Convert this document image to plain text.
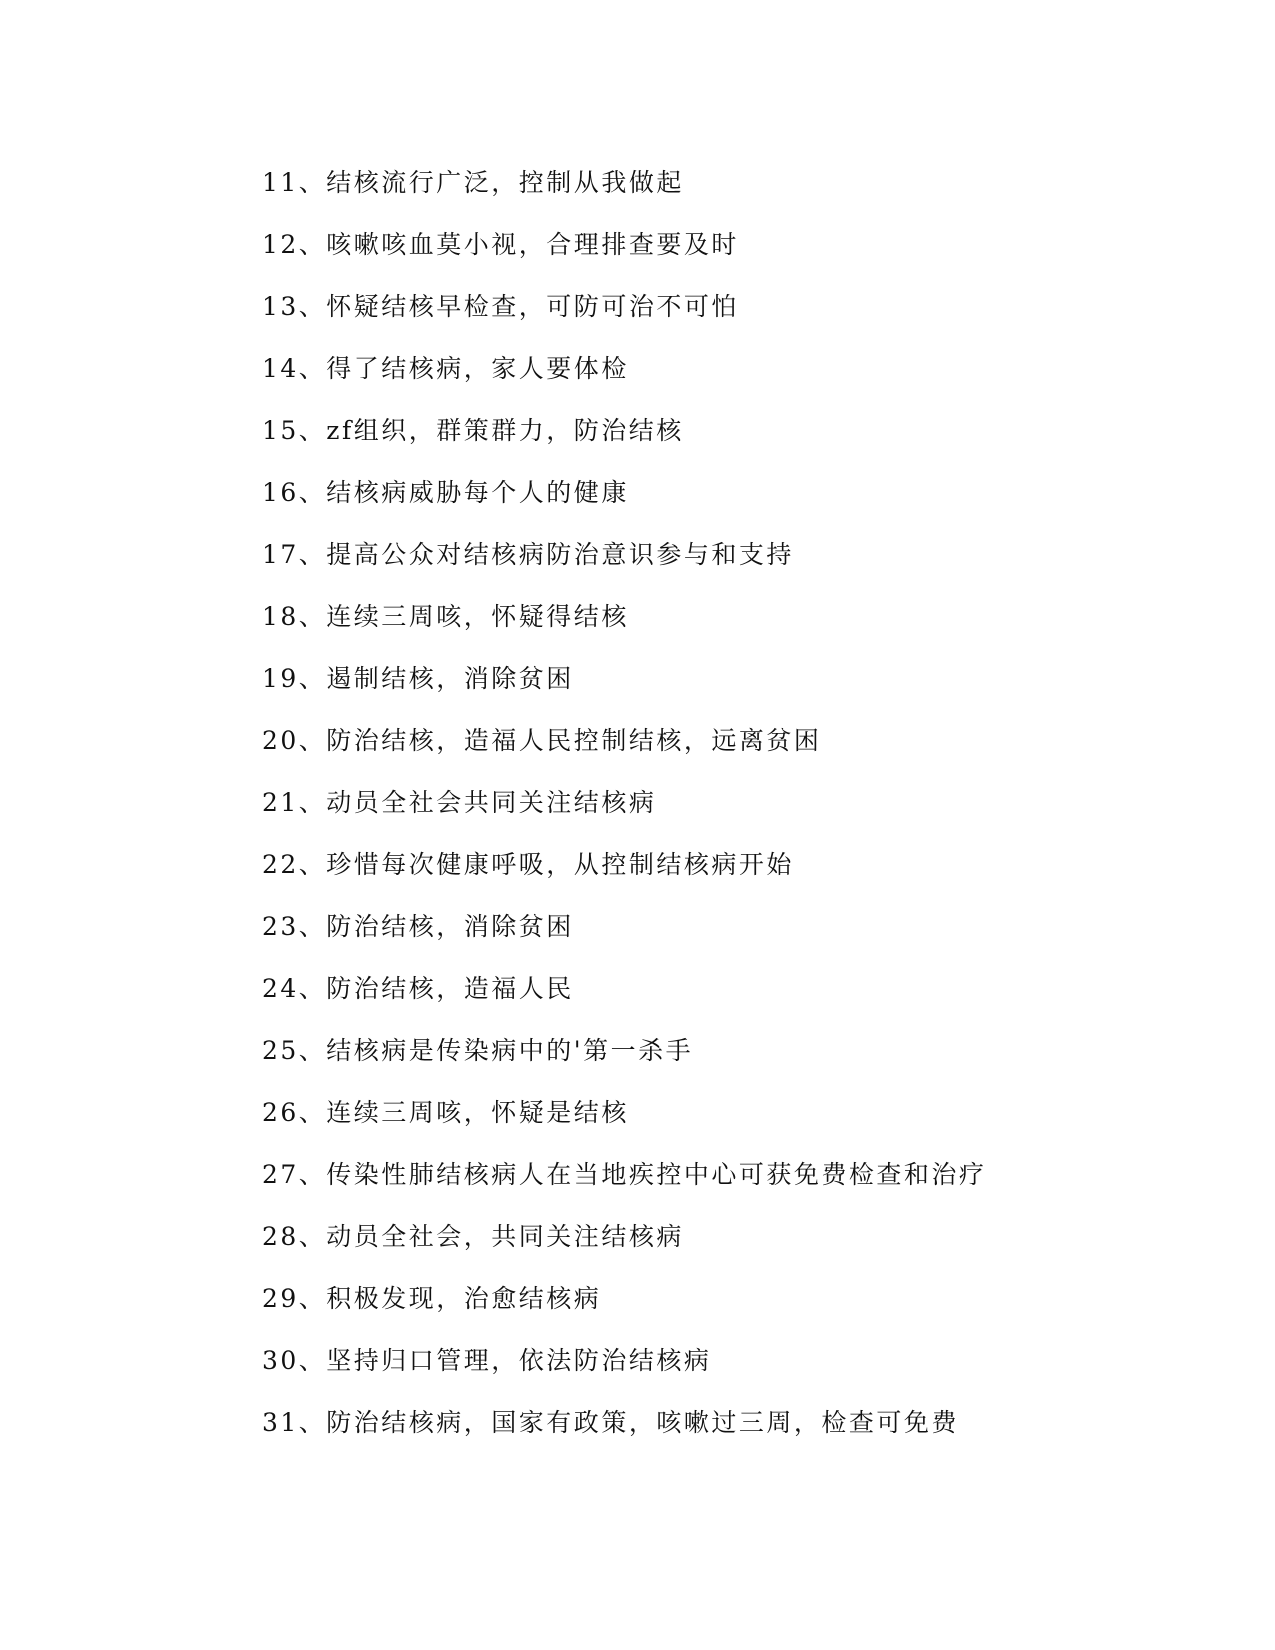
11、结核流行广泛，控制从我做起
12、咳嗽咳血莫小视，合理排查要及时
13、怀疑结核早检查，可防可治不可怕
14、得了结核病，家人要体检
15、zf组织，群策群力，防治结核
16、结核病威胁每个人的健康
17、提高公众对结核病防治意识参与和支持
18、连续三周咳，怀疑得结核
19、遏制结核，消除贫困
20、防治结核，造福人民控制结核，远离贫困
21、动员全社会共同关注结核病
22、珍惜每次健康呼吸，从控制结核病开始
23、防治结核，消除贫困
24、防治结核，造福人民
25、结核病是传染病中的'第一杀手
26、连续三周咳，怀疑是结核
27、传染性肺结核病人在当地疾控中心可获免费检查和治疗
28、动员全社会，共同关注结核病
29、积极发现，治愈结核病
30、坚持归口管理，依法防治结核病
31、防治结核病，国家有政策，咳嗽过三周，检查可免费
